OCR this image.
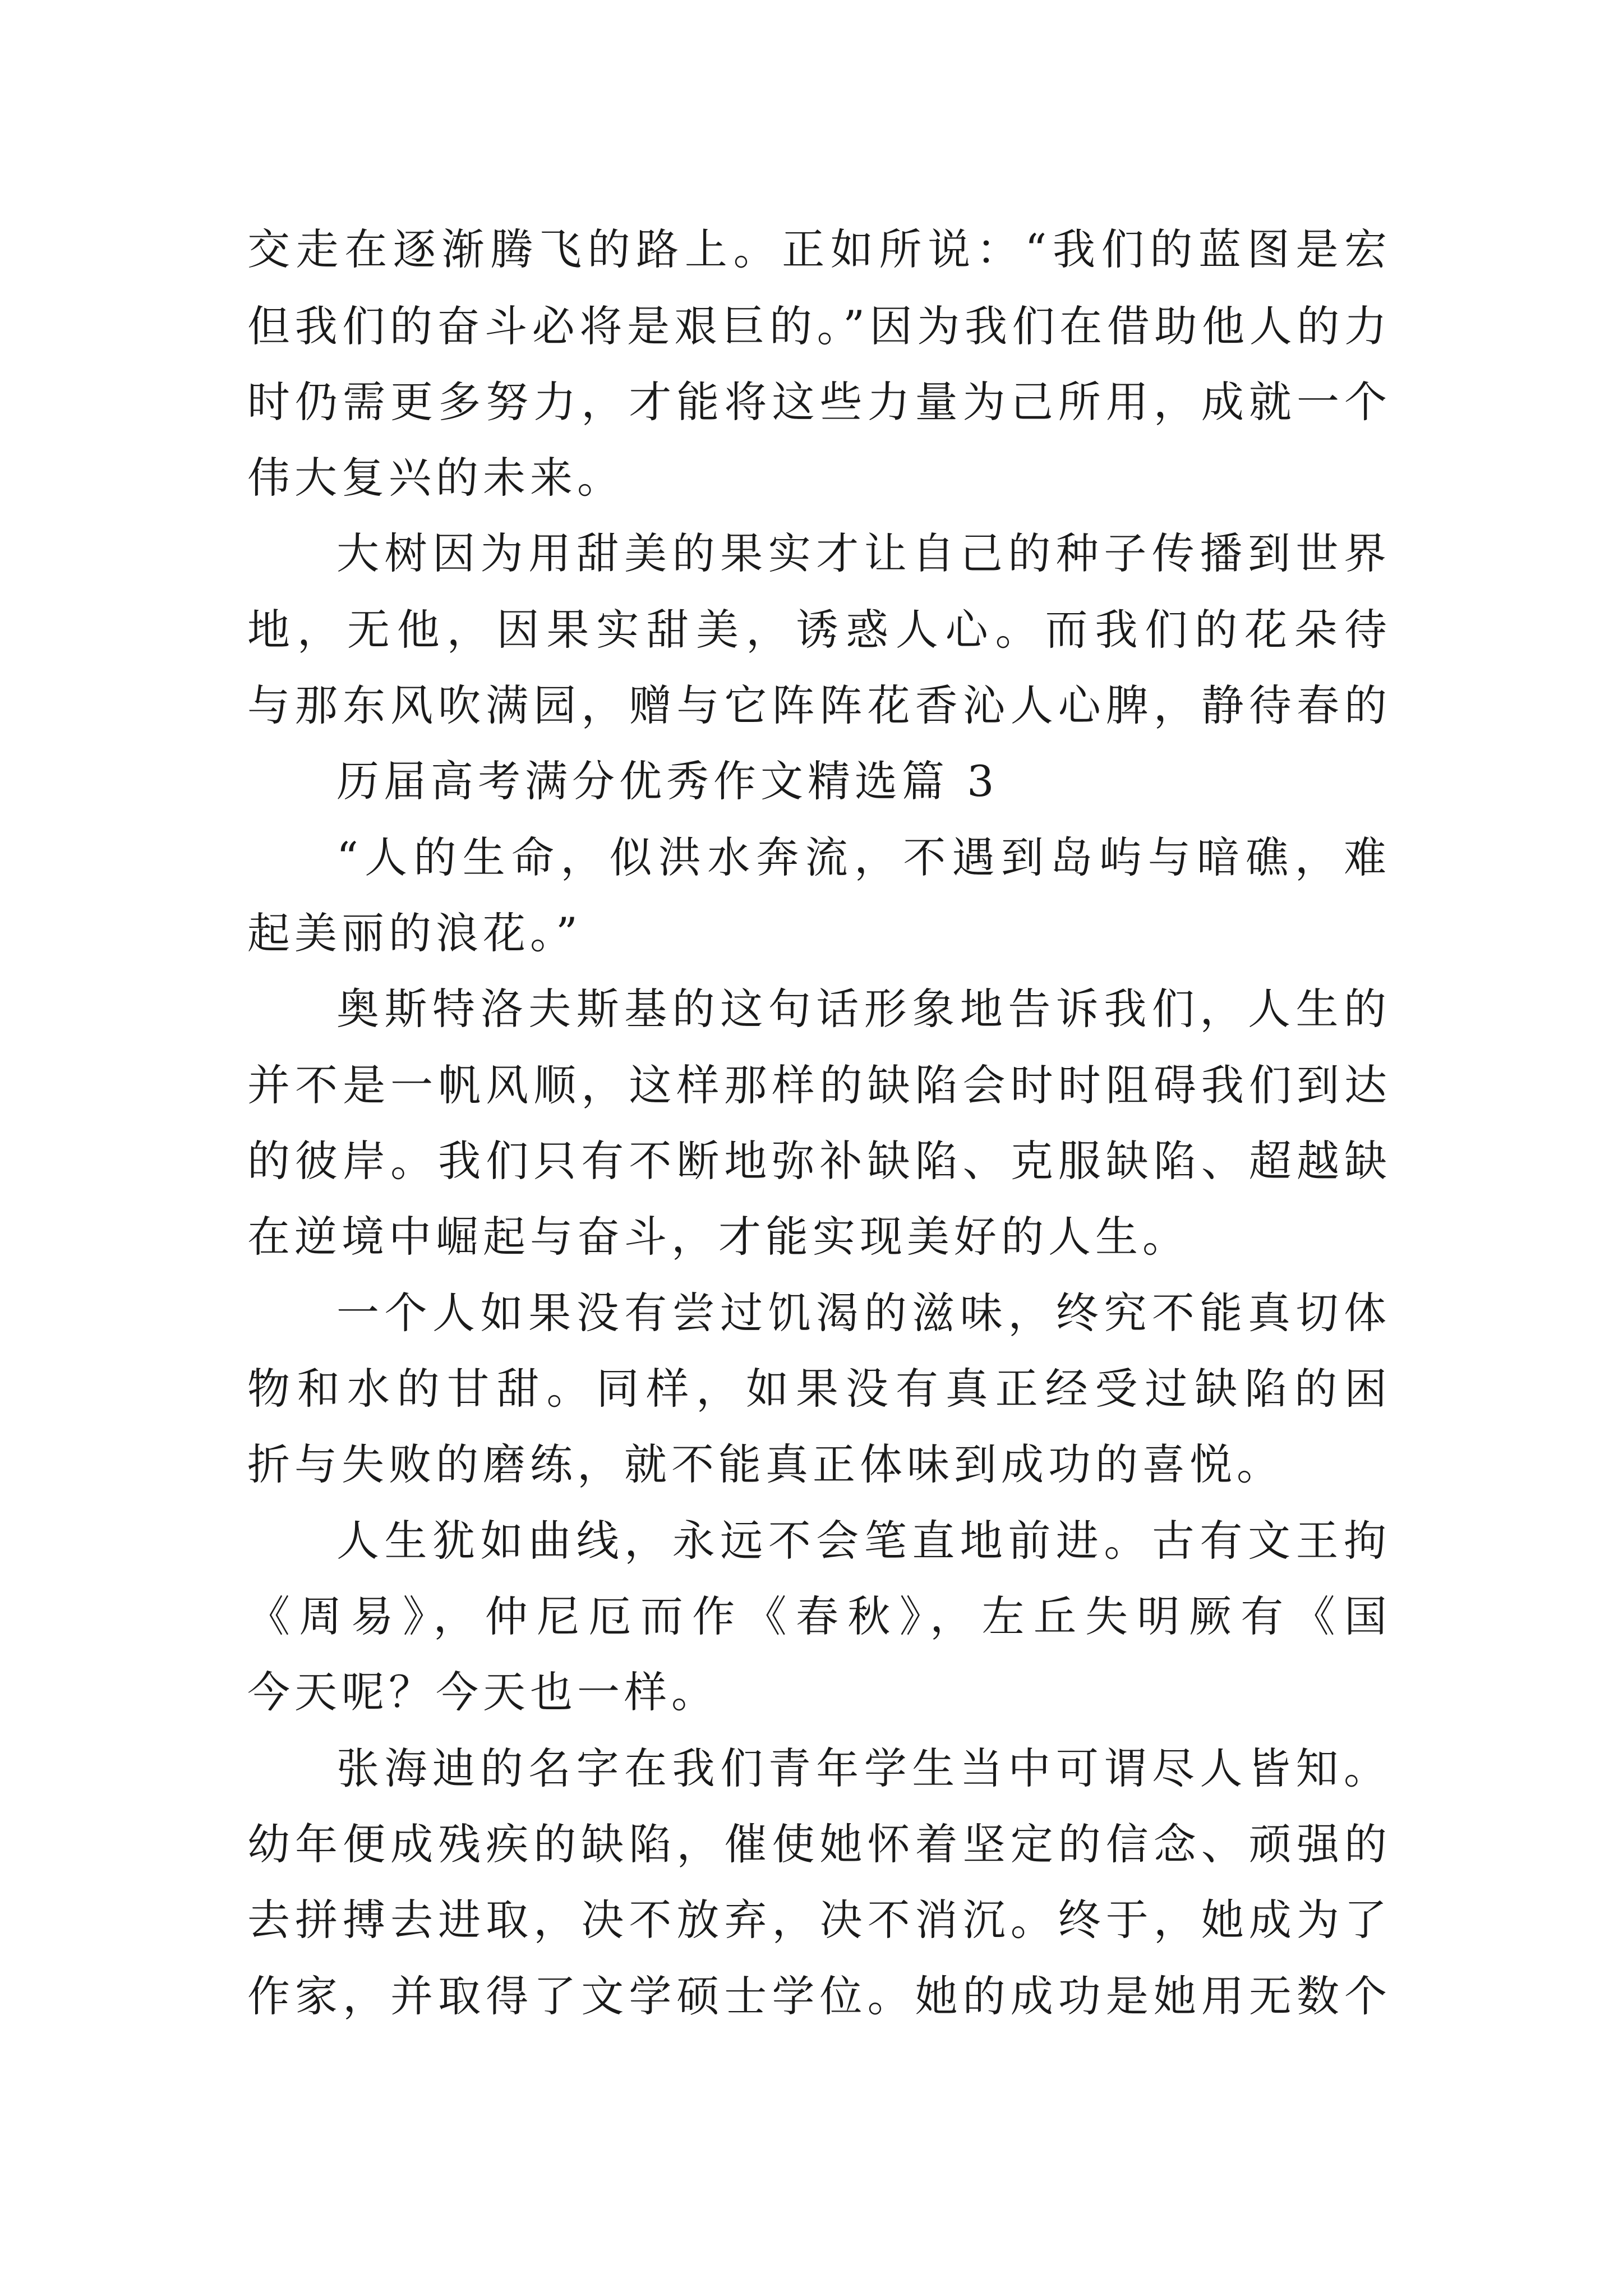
交走在逐渐腾飞的路上。正如所说：“我们的蓝图是宏
但我们的奋斗必将是艰巨的。”因为我们在借助他人的力
时仍需更多努力，才能将这些力量为己所用，成就一个
伟大复兴的未来。
大树因为用甜美的果实才让自己的种子传播到世界
地，无他，因果实甜美，诱惑人心。而我们的花朵待
与那东风吹满园，赠与它阵阵花香沁人心脾，静待春的
历届高考满分优秀作文精选篇 3
“人的生命，似洪水奔流，不遇到岛屿与暗礁，难
起美丽的浪花。”
奥斯特洛夫斯基的这句话形象地告诉我们，人生的
并不是一帆风顺，这样那样的缺陷会时时阻碍我们到达
的彼岸。我们只有不断地弥补缺陷、克服缺陷、超越缺
在逆境中崛起与奋斗，才能实现美好的人生。
一个人如果没有尝过饥渴的滋味，终究不能真切体
物和水的甘甜。同样，如果没有真正经受过缺陷的困
折与失败的磨练，就不能真正体味到成功的喜悦。
人生犹如曲线，永远不会笔直地前进。古有文王拘
《周易》，仲尼厄而作《春秋》，左丘失明厥有《国
今天呢？今天也一样。
张海迪的名字在我们青年学生当中可谓尽人皆知。
幼年便成残疾的缺陷，催使她怀着坚定的信念、顽强的
去拼搏去进取，决不放弃，决不消沉。终于，她成为了
作家，并取得了文学硕士学位。她的成功是她用无数个
